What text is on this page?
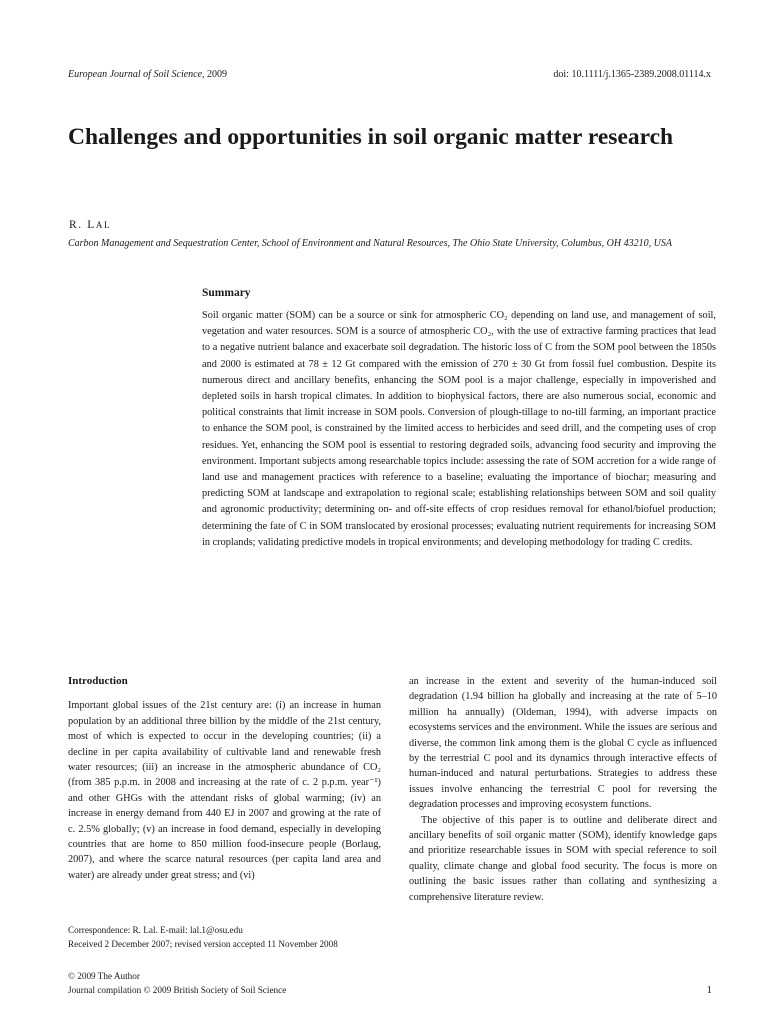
European Journal of Soil Science, 2009	doi: 10.1111/j.1365-2389.2008.01114.x
Challenges and opportunities in soil organic matter research
R. LAL
Carbon Management and Sequestration Center, School of Environment and Natural Resources, The Ohio State University, Columbus, OH 43210, USA
Summary
Soil organic matter (SOM) can be a source or sink for atmospheric CO₂ depending on land use, and management of soil, vegetation and water resources. SOM is a source of atmospheric CO₂, with the use of extractive farming practices that lead to a negative nutrient balance and exacerbate soil degradation. The historic loss of C from the SOM pool between the 1850s and 2000 is estimated at 78 ± 12 Gt compared with the emission of 270 ± 30 Gt from fossil fuel combustion. Despite its numerous direct and ancillary benefits, enhancing the SOM pool is a major challenge, especially in impoverished and depleted soils in harsh tropical climates. In addition to biophysical factors, there are also numerous social, economic and political constraints that limit increase in SOM pools. Conversion of plough-tillage to no-till farming, an important practice to enhance the SOM pool, is constrained by the limited access to herbicides and seed drill, and the competing uses of crop residues. Yet, enhancing the SOM pool is essential to restoring degraded soils, advancing food security and improving the environment. Important subjects among researchable topics include: assessing the rate of SOM accretion for a wide range of land use and management practices with reference to a baseline; evaluating the importance of biochar; measuring and predicting SOM at landscape and extrapolation to regional scale; establishing relationships between SOM and soil quality and agronomic productivity; determining on- and off-site effects of crop residues removal for ethanol/biofuel production; determining the fate of C in SOM translocated by erosional processes; evaluating nutrient requirements for increasing SOM in croplands; validating predictive models in tropical environments; and developing methodology for trading C credits.
Introduction

Important global issues of the 21st century are: (i) an increase in human population by an additional three billion by the middle of the 21st century, most of which is expected to occur in the developing countries; (ii) a decline in per capita availability of cultivable land and renewable fresh water resources; (iii) an increase in the atmospheric abundance of CO₂ (from 385 p.p.m. in 2008 and increasing at the rate of c. 2 p.p.m. year⁻¹) and other GHGs with the attendant risks of global warming; (iv) an increase in energy demand from 440 EJ in 2007 and growing at the rate of c. 2.5% globally; (v) an increase in food demand, especially in developing countries that are home to 850 million food-insecure people (Borlaug, 2007), and where the scarce natural resources (per capita land area and water) are already under great stress; and (vi)

an increase in the extent and severity of the human-induced soil degradation (1.94 billion ha globally and increasing at the rate of 5–10 million ha annually) (Oldeman, 1994), with adverse impacts on ecosystems services and the environment. While the issues are serious and diverse, the common link among them is the global C cycle as influenced by the terrestrial C pool and its dynamics through interactive effects of human-induced and natural perturbations. Strategies to address these issues involve enhancing the terrestrial C pool for reversing the degradation processes and improving ecosystem functions.

The objective of this paper is to outline and deliberate direct and ancillary benefits of soil organic matter (SOM), identify knowledge gaps and prioritize researchable issues in SOM with special reference to soil quality, climate change and global food security. The focus is more on outlining the basic issues rather than collating and synthesizing a comprehensive literature review.

Correspondence: R. Lal. E-mail: lal.1@osu.edu
Received 2 December 2007; revised version accepted 11 November 2008
© 2009 The Author
Journal compilation © 2009 British Society of Soil Science	1
